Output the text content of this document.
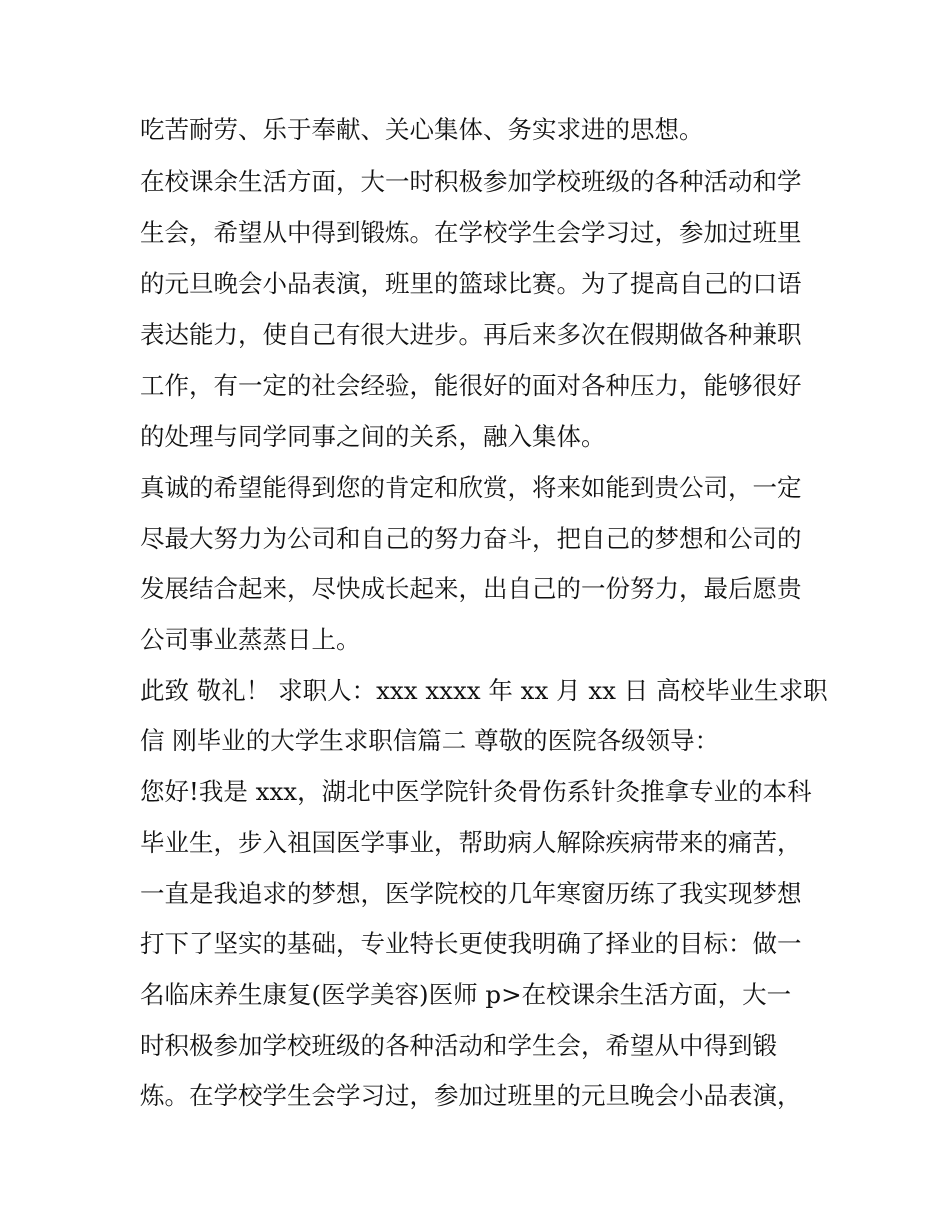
吃苦耐劳、乐于奉献、关心集体、务实求进的思想。
在校课余生活方面，大一时积极参加学校班级的各种活动和学
生会，希望从中得到锻炼。在学校学生会学习过，参加过班里
的元旦晚会小品表演，班里的篮球比赛。为了提高自己的口语
表达能力，使自己有很大进步。再后来多次在假期做各种兼职
工作，有一定的社会经验，能很好的面对各种压力，能够很好
的处理与同学同事之间的关系，融入集体。
真诚的希望能得到您的肯定和欣赏，将来如能到贵公司，一定
尽最大努力为公司和自己的努力奋斗，把自己的梦想和公司的
发展结合起来，尽快成长起来，出自己的一份努力，最后愿贵
公司事业蒸蒸日上。
此致 敬礼！ 求职人：xxx xxxx 年 xx 月 xx 日 高校毕业生求职
信 刚毕业的大学生求职信篇二 尊敬的医院各级领导：
您好!我是 xxx，湖北中医学院针灸骨伤系针灸推拿专业的本科
毕业生，步入祖国医学事业，帮助病人解除疾病带来的痛苦，
一直是我追求的梦想，医学院校的几年寒窗历练了我实现梦想
打下了坚实的基础，专业特长更使我明确了择业的目标：做一
名临床养生康复(医学美容)医师 p>在校课余生活方面，大一
时积极参加学校班级的各种活动和学生会，希望从中得到锻
炼。在学校学生会学习过，参加过班里的元旦晚会小品表演，
